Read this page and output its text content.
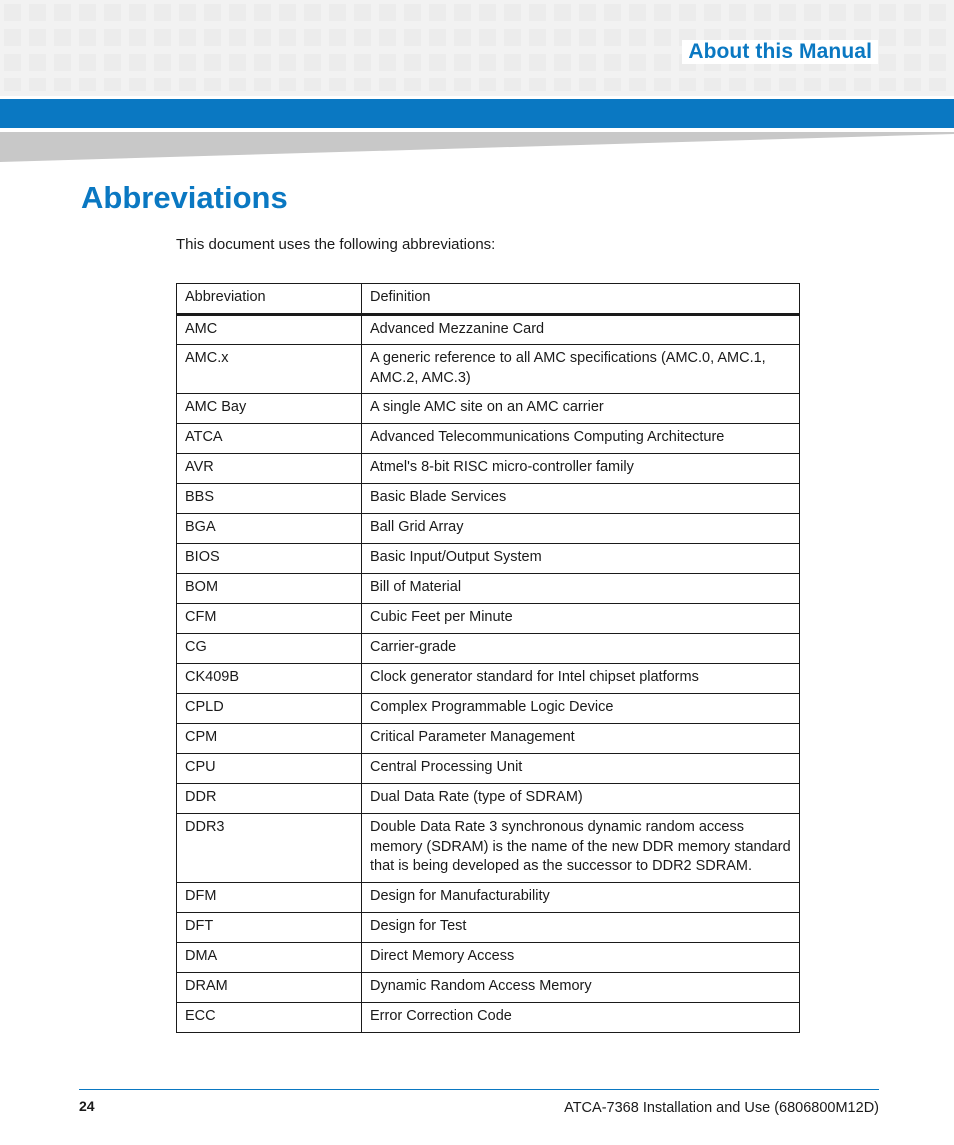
About this Manual
Abbreviations

This document uses the following abbreviations:

Abbreviation	Definition
AMC	Advanced Mezzanine Card
AMC.x	A generic reference to all AMC specifications (AMC.0, AMC.1, AMC.2, AMC.3)
AMC Bay	A single AMC site on an AMC carrier
ATCA	Advanced Telecommunications Computing Architecture
AVR	Atmel's 8-bit RISC micro-controller family
BBS	Basic Blade Services
BGA	Ball Grid Array
BIOS	Basic Input/Output System
BOM	Bill of Material
CFM	Cubic Feet per Minute
CG	Carrier-grade
CK409B	Clock generator standard for Intel chipset platforms
CPLD	Complex Programmable Logic Device
CPM	Critical Parameter Management
CPU	Central Processing Unit
DDR	Dual Data Rate (type of SDRAM)
DDR3	Double Data Rate 3 synchronous dynamic random access memory (SDRAM) is the name of the new DDR memory standard that is being developed as the successor to DDR2 SDRAM.
DFM	Design for Manufacturability
DFT	Design for Test
DMA	Direct Memory Access
DRAM	Dynamic Random Access Memory
ECC	Error Correction Code
24	ATCA-7368 Installation and Use (6806800M12D)
